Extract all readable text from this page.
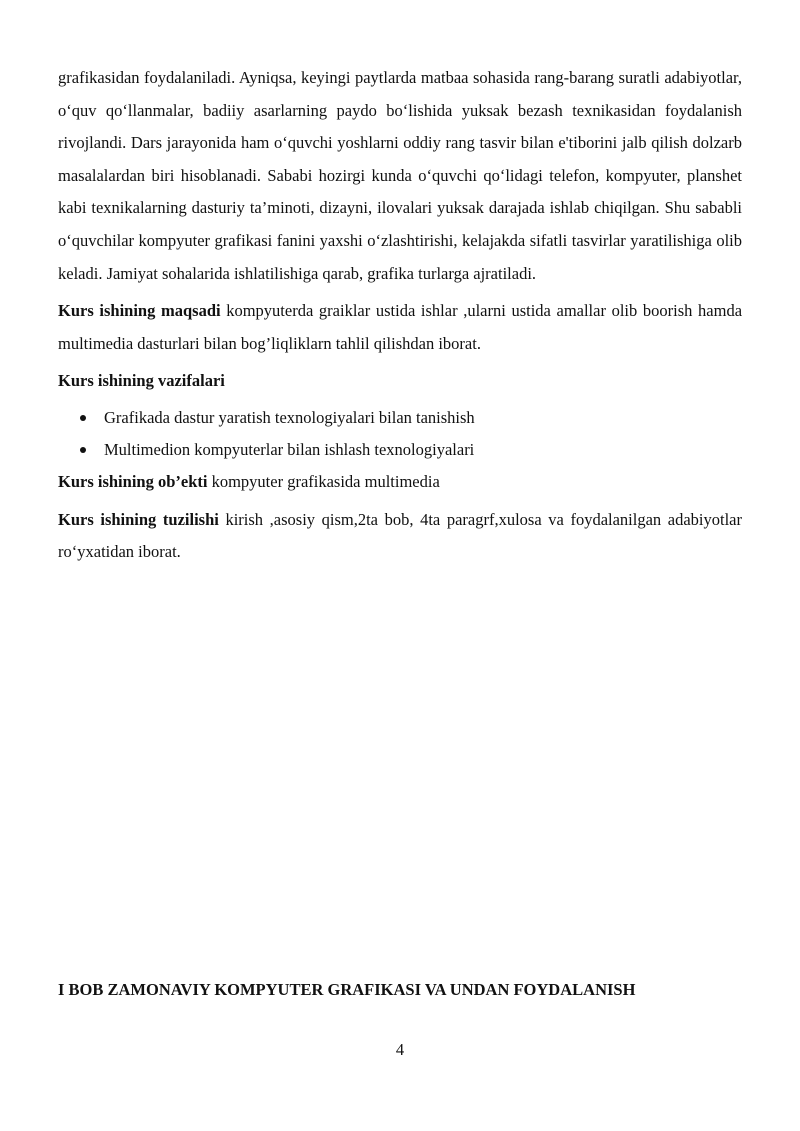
grafikasidan foydalaniladi. Ayniqsa, keyingi paytlarda matbaa sohasida rang-barang suratli adabiyotlar, o‘quv qo‘llanmalar, badiiy asarlarning paydo bo‘lishida yuksak bezash texnikasidan foydalanish rivojlandi. Dars jarayonida ham o‘quvchi yoshlarni oddiy rang tasvir bilan e'tiborini jalb qilish dolzarb masalalardan biri hisoblanadi. Sababi hozirgi kunda o‘quvchi qo‘lidagi telefon, kompyuter, planshet kabi texnikalarning dasturiy ta’minoti, dizayni, ilovalari yuksak darajada ishlab chiqilgan. Shu sababli o‘quvchilar kompyuter grafikasi fanini yaxshi o‘zlashtirishi, kelajakda sifatli tasvirlar yaratilishiga olib keladi. Jamiyat sohalarida ishlatilishiga qarab, grafika turlarga ajratiladi.

Kurs ishining maqsadi kompyuterda graiklar ustida ishlar ,ularni ustida amallar olib boorish hamda multimedia dasturlari bilan bog’liqliklarn tahlil qilishdan iborat.

Kurs ishining vazifalari

Grafikada dastur yaratish texnologiyalari bilan tanishish
Multimedion kompyuterlar bilan ishlash texnologiyalari

Kurs ishining ob’ekti kompyuter grafikasida multimedia

Kurs ishining tuzilishi kirish ,asosiy qism,2ta bob, 4ta paragrf,xulosa va foydalanilgan adabiyotlar ro‘yxatidan iborat.

I BOB ZAMONAVIY KOMPYUTER GRAFIKASI VA UNDAN FOYDALANISH

4
